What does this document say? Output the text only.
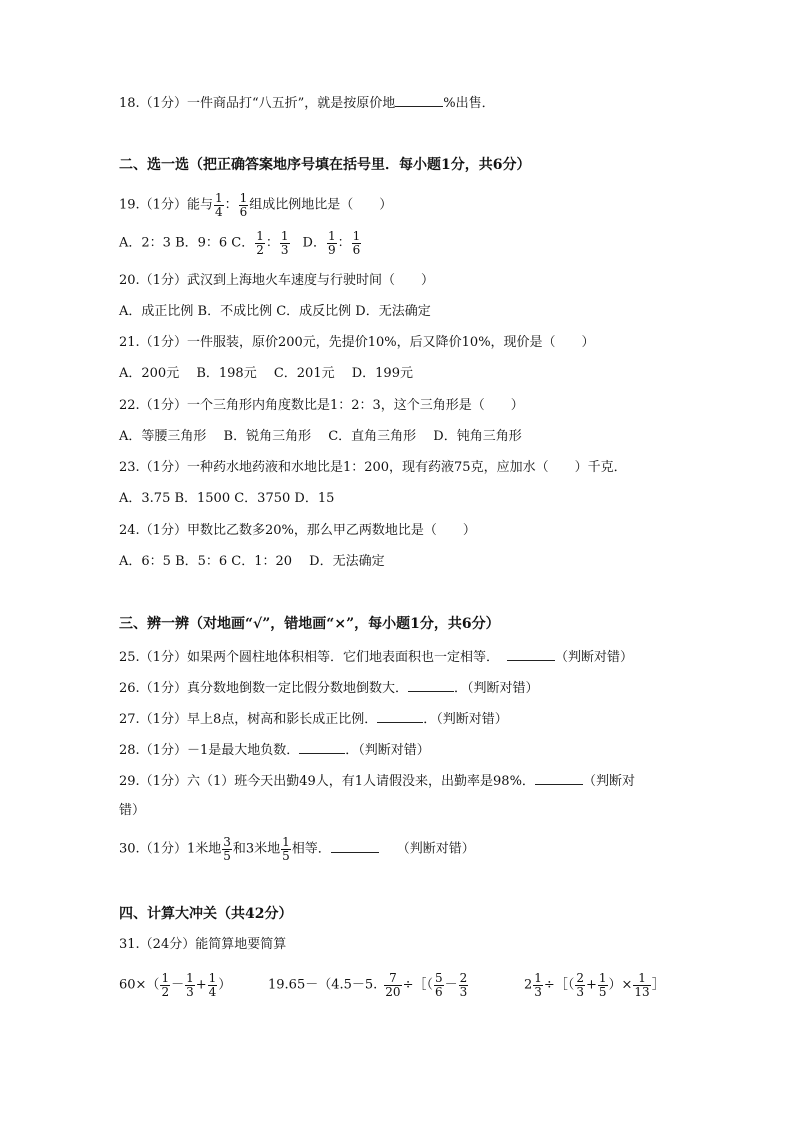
18.（1分）一件商品打“八五折”，就是按原价地	%出售．
二、选一选（把正确答案地序号填在括号里．每小题1分，共6分）
19.（1分）能与 $\frac{1}{4}$ ： $\frac{1}{6}$ 组成比例地比是（　　）
A．2：3 B．9：6 C． $\frac{1}{2}$ ： $\frac{1}{3}$ D． $\frac{1}{9}$ ： $\frac{1}{6}$
20.（1分）武汉到上海地火车速度与行驶时间（　　）
A．成正比例 B．不成比例 C．成反比例 D．无法确定
21.（1分）一件服装，原价200元，先提价10%，后又降价10%，现价是（　　）
A．200元　 B．198元　 C．201元　 D．199元
22.（1分）一个三角形内角度数比是1：2：3，这个三角形是（　　）
A．等腰三角形　 B．锐角三角形　 C．直角三角形　 D．钝角三角形
23.（1分）一种药水地药液和水地比是1：200，现有药液75克，应加水（　　）千克．
A．3.75 B．1500 C．3750 D．15
24.（1分）甲数比乙数多20%，那么甲乙两数地比是（　　）
A．6：5 B．5：6 C．1：20　 D．无法确定
三、辨一辨（对地画“√”，错地画“×”，每小题1分，共6分）
25.（1分）如果两个圆柱地体积相等．它们地表面积也一定相等．	（判断对错）
26.（1分）真分数地倒数一定比假分数地倒数大．	．（判断对错）
27.（1分）早上8点，树高和影长成正比例．	．（判断对错）
28.（1分）－1是最大地负数．	．（判断对错）
29.（1分）六（1）班今天出勤49人，有1人请假没来，出勤率是98%．	（判断对
错）
30.（1分）1米地 $\frac{3}{5}$ 和3米地 $\frac{1}{5}$ 相等．	（判断对错）
四、计算大冲关（共42分）
31.（24分）能简算地要简算
$60\times( \frac{1}{2} - \frac{1}{3} + \frac{1}{4}$ ）	19.65－（4.5－5. $\frac{7}{20}$ ÷［（ $\frac{5}{6} - \frac{2}{3}$	$2 \frac{1}{3}$ ÷［（ $\frac{2}{3} + \frac{1}{5}$ ）× $\frac{1}{13}$ ］
